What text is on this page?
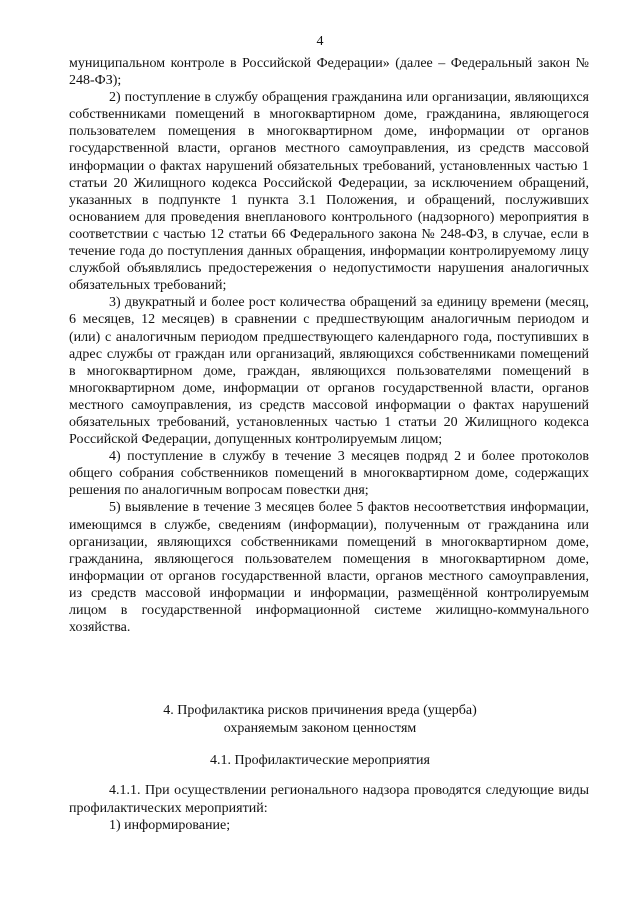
4

муниципальном контроле в Российской Федерации» (далее – Федеральный закон № 248-ФЗ);

2) поступление в службу обращения гражданина или организации, являющихся собственниками помещений в многоквартирном доме, гражданина, являющегося пользователем помещения в многоквартирном доме, информации от органов государственной власти, органов местного самоуправления, из средств массовой информации о фактах нарушений обязательных требований, установленных частью 1 статьи 20 Жилищного кодекса Российской Федерации, за исключением обращений, указанных в подпункте 1 пункта 3.1 Положения, и обращений, послуживших основанием для проведения внепланового контрольного (надзорного) мероприятия в соответствии с частью 12 статьи 66 Федерального закона № 248-ФЗ, в случае, если в течение года до поступления данных обращения, информации контролируемому лицу службой объявлялись предостережения о недопустимости нарушения аналогичных обязательных требований;

3) двукратный и более рост количества обращений за единицу времени (месяц, 6 месяцев, 12 месяцев) в сравнении с предшествующим аналогичным периодом и (или) с аналогичным периодом предшествующего календарного года, поступивших в адрес службы от граждан или организаций, являющихся собственниками помещений в многоквартирном доме, граждан, являющихся пользователями помещений в многоквартирном доме, информации от органов государственной власти, органов местного самоуправления, из средств массовой информации о фактах нарушений обязательных требований, установленных частью 1 статьи 20 Жилищного кодекса Российской Федерации, допущенных контролируемым лицом;

4) поступление в службу в течение 3 месяцев подряд 2 и более протоколов общего собрания собственников помещений в многоквартирном доме, содержащих решения по аналогичным вопросам повестки дня;

5) выявление в течение 3 месяцев более 5 фактов несоответствия информации, имеющимся в службе, сведениям (информации), полученным от гражданина или организации, являющихся собственниками помещений в многоквартирном доме, гражданина, являющегося пользователем помещения в многоквартирном доме, информации от органов государственной власти, органов местного самоуправления, из средств массовой информации и информации, размещённой контролируемым лицом в государственной информационной системе жилищно-коммунального хозяйства.

4. Профилактика рисков причинения вреда (ущерба)
охраняемым законом ценностям
4.1. Профилактические мероприятия

4.1.1. При осуществлении регионального надзора проводятся следующие виды профилактических мероприятий:

1) информирование;
